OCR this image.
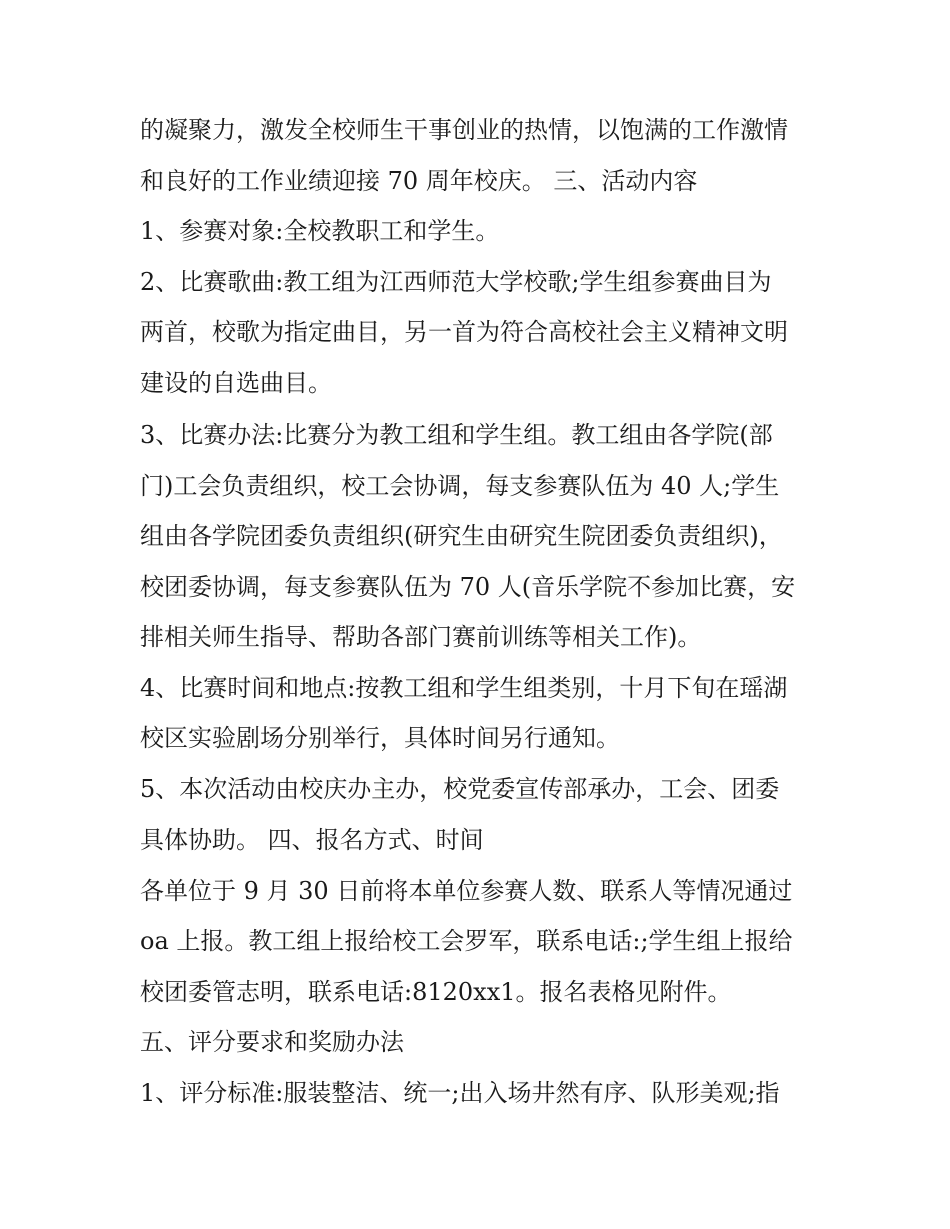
的凝聚力，激发全校师生干事创业的热情，以饱满的工作激情
和良好的工作业绩迎接 70 周年校庆。 三、活动内容
1、参赛对象:全校教职工和学生。
2、比赛歌曲:教工组为江西师范大学校歌;学生组参赛曲目为
两首，校歌为指定曲目，另一首为符合高校社会主义精神文明
建设的自选曲目。
3、比赛办法:比赛分为教工组和学生组。教工组由各学院(部
门)工会负责组织，校工会协调，每支参赛队伍为 40 人;学生
组由各学院团委负责组织(研究生由研究生院团委负责组织)，
校团委协调，每支参赛队伍为 70 人(音乐学院不参加比赛，安
排相关师生指导、帮助各部门赛前训练等相关工作)。
4、比赛时间和地点:按教工组和学生组类别，十月下旬在瑶湖
校区实验剧场分别举行，具体时间另行通知。
5、本次活动由校庆办主办，校党委宣传部承办，工会、团委
具体协助。 四、报名方式、时间
各单位于 9 月 30 日前将本单位参赛人数、联系人等情况通过
oa 上报。教工组上报给校工会罗军，联系电话:;学生组上报给
校团委管志明，联系电话:8120xx1。报名表格见附件。
五、评分要求和奖励办法
1、评分标准:服装整洁、统一;出入场井然有序、队形美观;指
